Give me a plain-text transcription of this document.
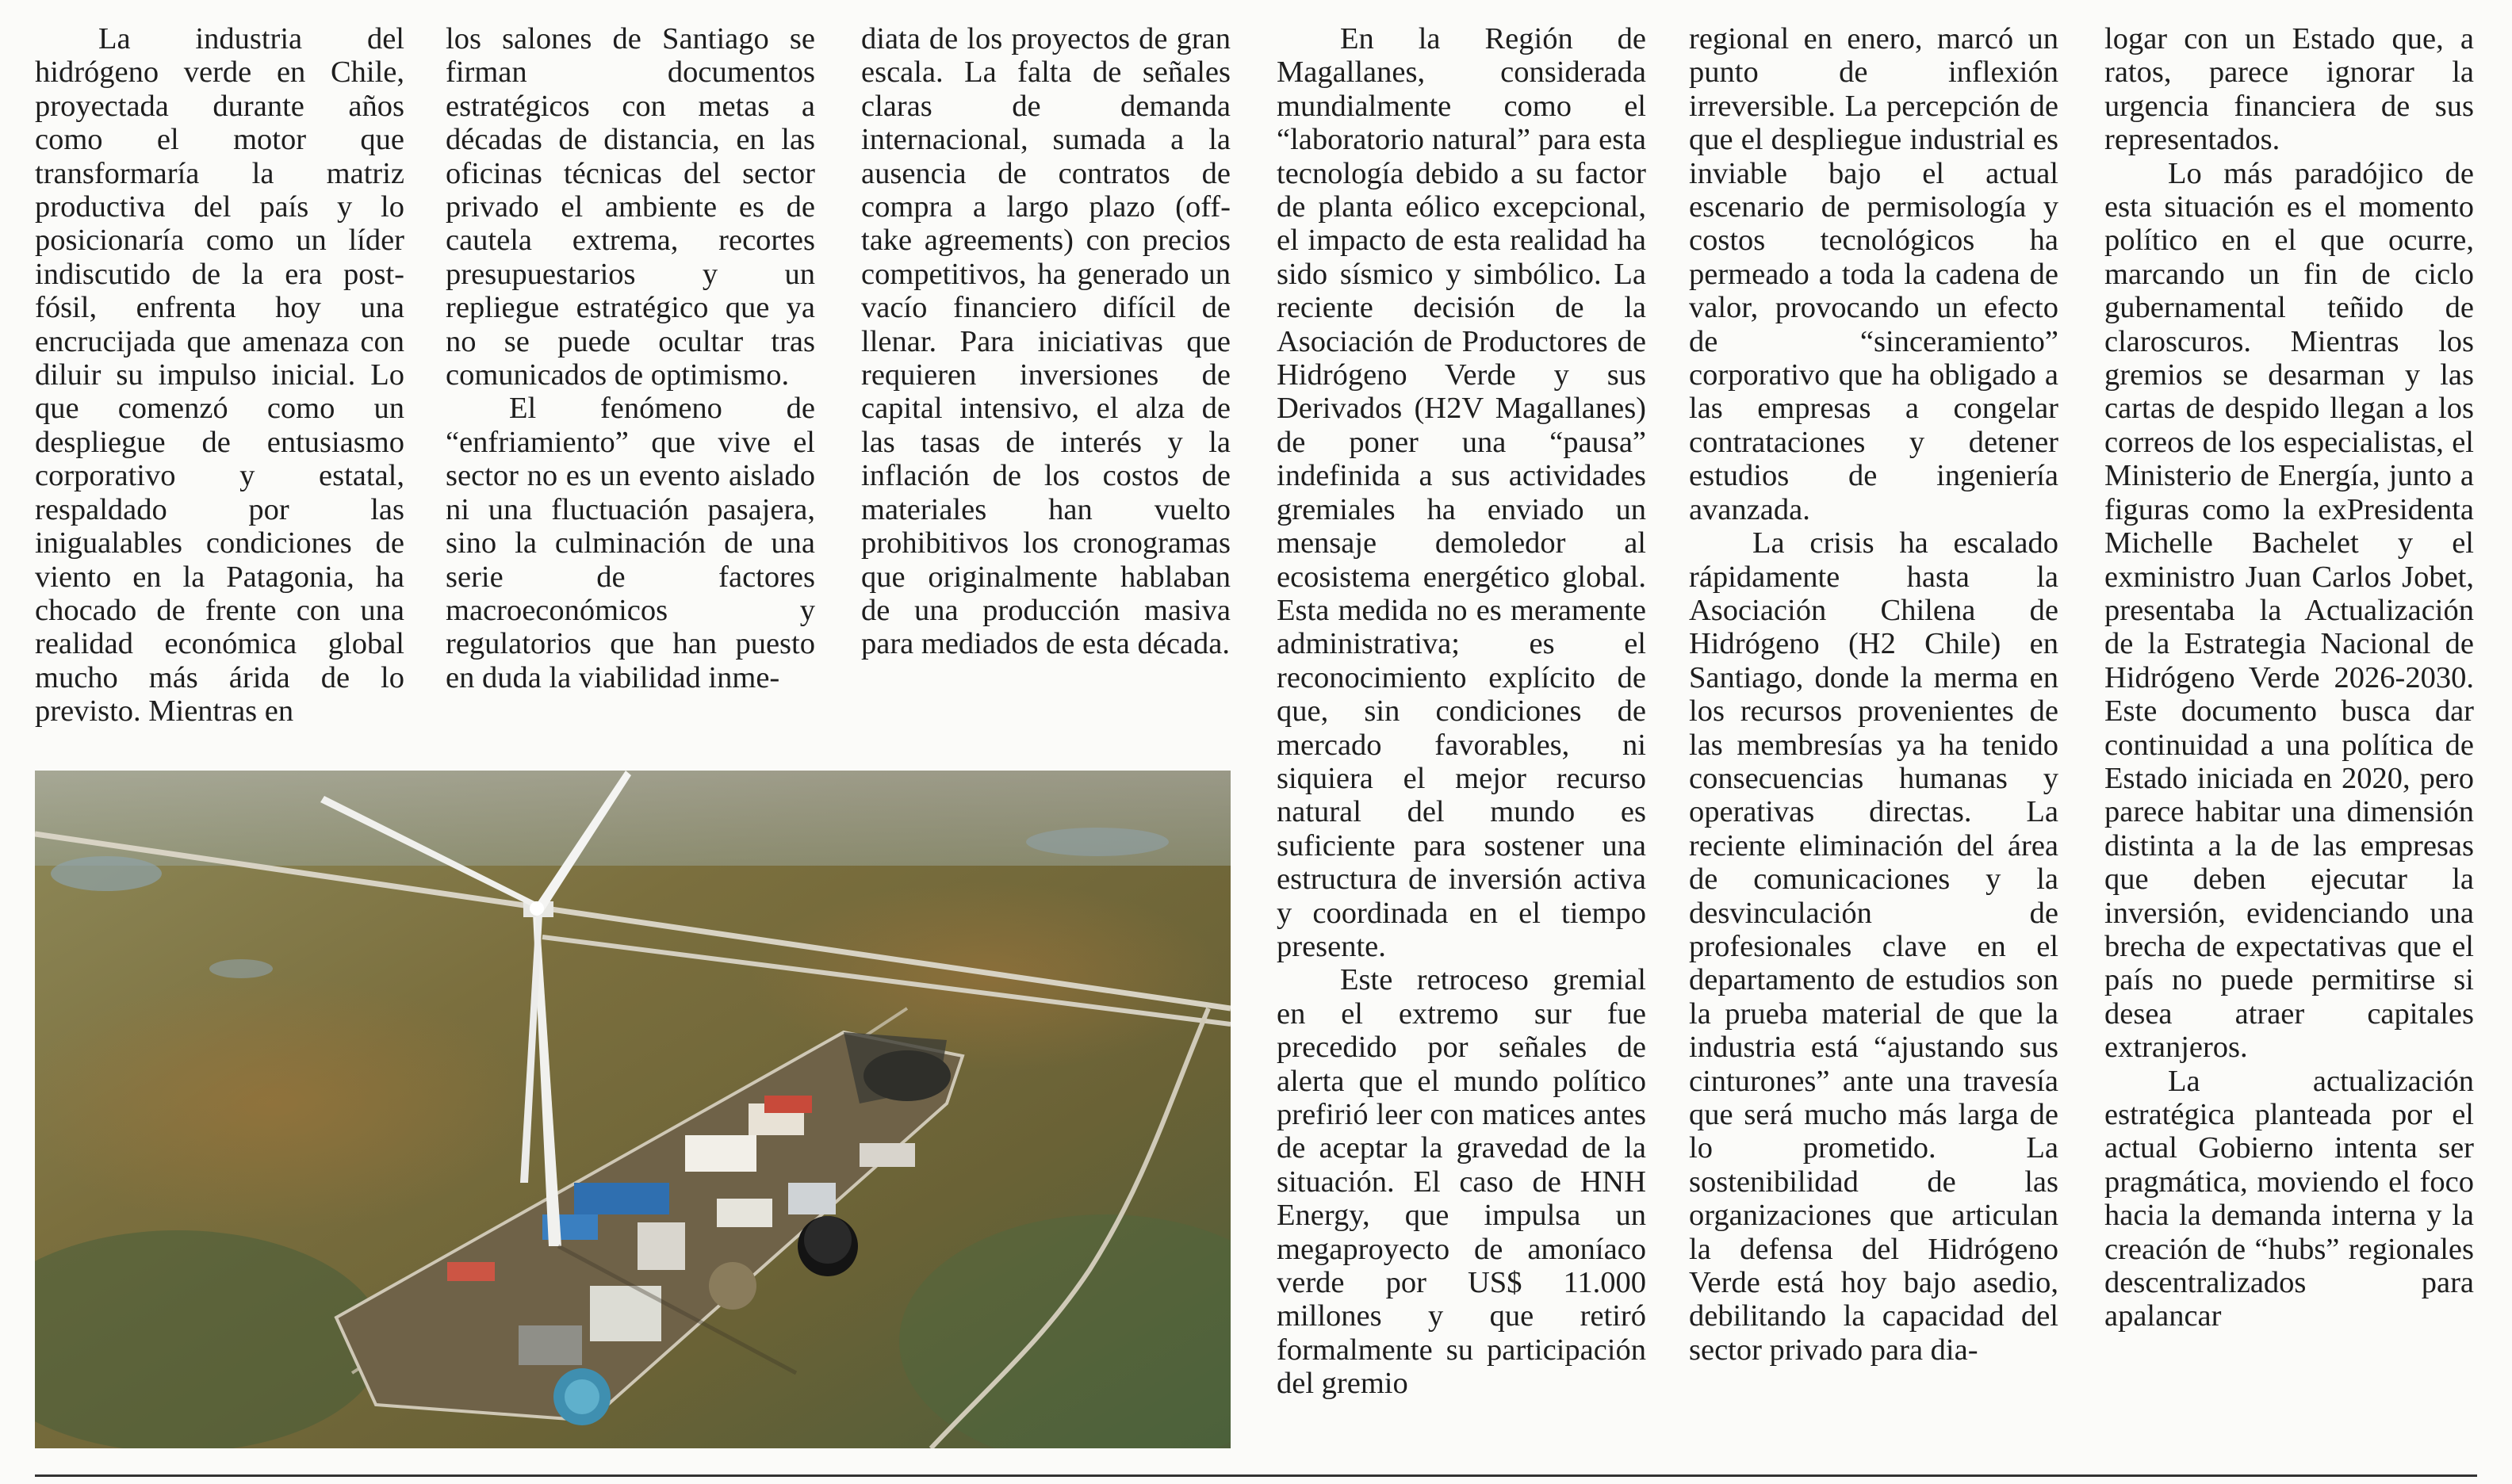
La industria del hidrógeno verde en Chile, proyectada durante años como el motor que transformaría la matriz productiva del país y lo posicionaría como un líder indiscutido de la era post-fósil, enfrenta hoy una encrucijada que amenaza con diluir su impulso inicial. Lo que comenzó como un despliegue de entusiasmo corporativo y estatal, respaldado por las inigualables condiciones de viento en la Patagonia, ha chocado de frente con una realidad económica global mucho más árida de lo previsto. Mientras en

los salones de Santiago se firman documentos estratégicos con metas a décadas de distancia, en las oficinas técnicas del sector privado el ambiente es de cautela extrema, recortes presupuestarios y un repliegue estratégico que ya no se puede ocultar tras comunicados de optimismo.

El fenómeno de “enfriamiento” que vive el sector no es un evento aislado ni una fluctuación pasajera, sino la culminación de una serie de factores macroeconómicos y regulatorios que han puesto en duda la viabilidad inme-

diata de los proyectos de gran escala. La falta de señales claras de demanda internacional, sumada a la ausencia de contratos de compra a largo plazo (off-take agreements) con precios competitivos, ha generado un vacío financiero difícil de llenar. Para iniciativas que requieren inversiones de capital intensivo, el alza de las tasas de interés y la inflación de los costos de materiales han vuelto prohibitivos los cronogramas que originalmente hablaban de una producción masiva para mediados de esta década.

En la Región de Magallanes, considerada mundialmente como el “laboratorio natural” para esta tecnología debido a su factor de planta eólico excepcional, el impacto de esta realidad ha sido sísmico y simbólico. La reciente decisión de la Asociación de Productores de Hidrógeno Verde y sus Derivados (H2V Magallanes) de poner una “pausa” indefinida a sus actividades gremiales ha enviado un mensaje demoledor al ecosistema energético global. Esta medida no es meramente administrativa; es el reconocimiento explícito de que, sin condiciones de mercado favorables, ni siquiera el mejor recurso natural del mundo es suficiente para sostener una estructura de inversión activa y coordinada en el tiempo presente.

Este retroceso gremial en el extremo sur fue precedido por señales de alerta que el mundo político prefirió leer con matices antes de aceptar la gravedad de la situación. El caso de HNH Energy, que impulsa un megaproyecto de amoníaco verde por US$ 11.000 millones y que retiró formalmente su participación del gremio

regional en enero, marcó un punto de inflexión irreversible. La percepción de que el despliegue industrial es inviable bajo el actual escenario de permisología y costos tecnológicos ha permeado a toda la cadena de valor, provocando un efecto de “sinceramiento” corporativo que ha obligado a las empresas a congelar contrataciones y detener estudios de ingeniería avanzada.

La crisis ha escalado rápidamente hasta la Asociación Chilena de Hidrógeno (H2 Chile) en Santiago, donde la merma en los recursos provenientes de las membresías ya ha tenido consecuencias humanas y operativas directas. La reciente eliminación del área de comunicaciones y la desvinculación de profesionales clave en el departamento de estudios son la prueba material de que la industria está “ajustando sus cinturones” ante una travesía que será mucho más larga de lo prometido. La sostenibilidad de las organizaciones que articulan la defensa del Hidrógeno Verde está hoy bajo asedio, debilitando la capacidad del sector privado para dia-

logar con un Estado que, a ratos, parece ignorar la urgencia financiera de sus representados.

Lo más paradójico de esta situación es el momento político en el que ocurre, marcando un fin de ciclo gubernamental teñido de claroscuros. Mientras los gremios se desarman y las cartas de despido llegan a los correos de los especialistas, el Ministerio de Energía, junto a figuras como la exPresidenta Michelle Bachelet y el exministro Juan Carlos Jobet, presentaba la Actualización de la Estrategia Nacional de Hidrógeno Verde 2026-2030. Este documento busca dar continuidad a una política de Estado iniciada en 2020, pero parece habitar una dimensión distinta a la de las empresas que deben ejecutar la inversión, evidenciando una brecha de expectativas que el país no puede permitirse si desea atraer capitales extranjeros.

La actualización estratégica planteada por el actual Gobierno intenta ser pragmática, moviendo el foco hacia la demanda interna y la creación de “hubs” regionales descentralizados para apalancar
